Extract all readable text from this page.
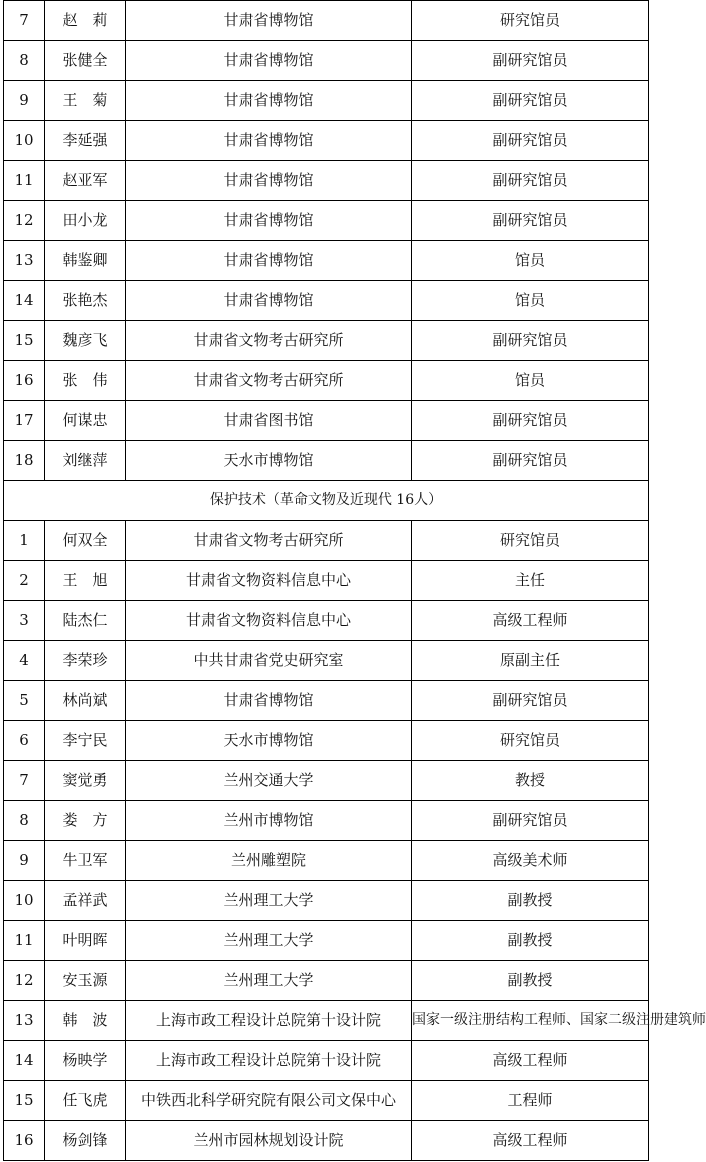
7	赵　莉	甘肃省博物馆	研究馆员
8	张健全	甘肃省博物馆	副研究馆员
9	王　菊	甘肃省博物馆	副研究馆员
10	李延强	甘肃省博物馆	副研究馆员
11	赵亚军	甘肃省博物馆	副研究馆员
12	田小龙	甘肃省博物馆	副研究馆员
13	韩鉴卿	甘肃省博物馆	馆员
14	张艳杰	甘肃省博物馆	馆员
15	魏彦飞	甘肃省文物考古研究所	副研究馆员
16	张　伟	甘肃省文物考古研究所	馆员
17	何谋忠	甘肃省图书馆	副研究馆员
18	刘继萍	天水市博物馆	副研究馆员
保护技术（革命文物及近现代 16人）			
1	何双全	甘肃省文物考古研究所	研究馆员
2	王　旭	甘肃省文物资料信息中心	主任
3	陆杰仁	甘肃省文物资料信息中心	高级工程师
4	李荣珍	中共甘肃省党史研究室	原副主任
5	林尚斌	甘肃省博物馆	副研究馆员
6	李宁民	天水市博物馆	研究馆员
7	窦觉勇	兰州交通大学	教授
8	娄　方	兰州市博物馆	副研究馆员
9	牛卫军	兰州雕塑院	高级美术师
10	孟祥武	兰州理工大学	副教授
11	叶明晖	兰州理工大学	副教授
12	安玉源	兰州理工大学	副教授
13	韩　波	上海市政工程设计总院第十设计院	国家一级注册结构工程师、国家二级注册建筑师
14	杨映学	上海市政工程设计总院第十设计院	高级工程师
15	任飞虎	中铁西北科学研究院有限公司文保中心	工程师
16	杨剑锋	兰州市园林规划设计院	高级工程师
